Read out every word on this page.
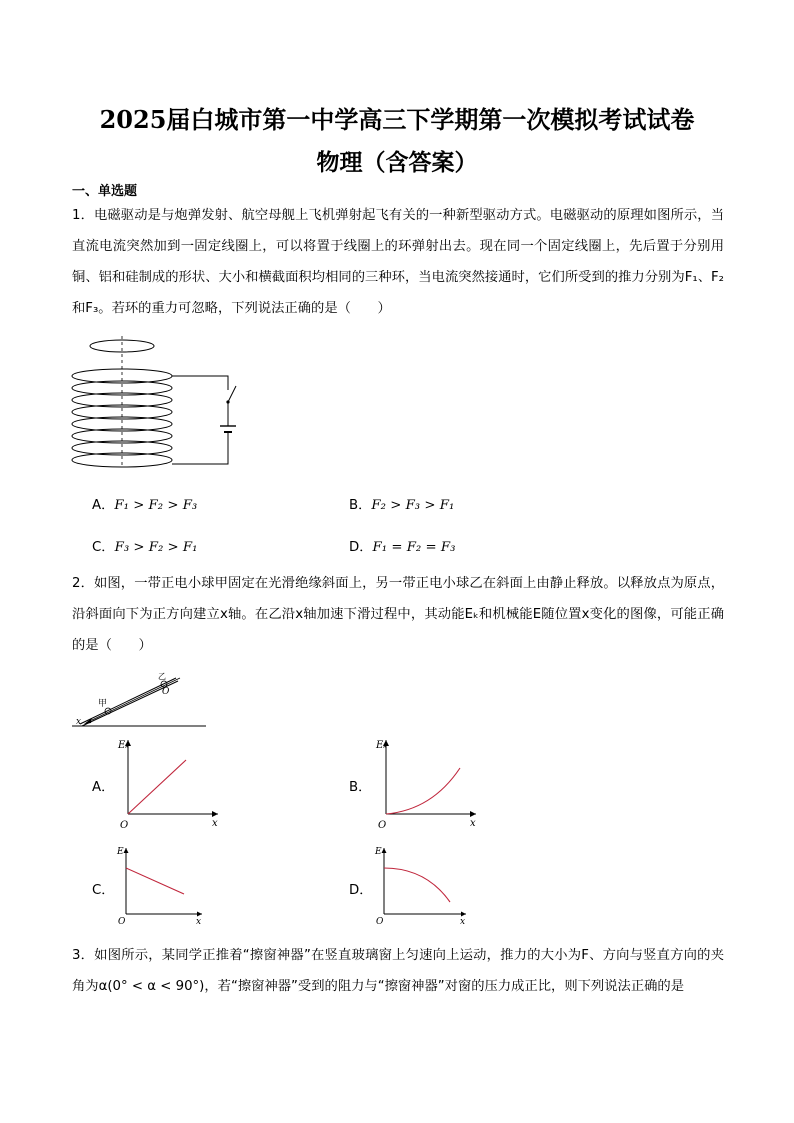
2025届白城市第一中学高三下学期第一次模拟考试试卷
物理（含答案）
一、单选题
1．电磁驱动是与炮弹发射、航空母舰上飞机弹射起飞有关的一种新型驱动方式。电磁驱动的原理如图所示，当直流电流突然加到一固定线圈上，可以将置于线圈上的环弹射出去。现在同一个固定线圈上，先后置于分别用铜、铝和硅制成的形状、大小和横截面积均相同的三种环，当电流突然接通时，它们所受到的推力分别为F₁、F₂和F₃。若环的重力可忽略，下列说法正确的是（　　）
A．F₁ > F₂ > F₃	B．F₂ > F₃ > F₁
C．F₃ > F₂ > F₁	D．F₁ = F₂ = F₃
2．如图，一带正电小球甲固定在光滑绝缘斜面上，另一带正电小球乙在斜面上由静止释放。以释放点为原点，沿斜面向下为正方向建立x轴。在乙沿x轴加速下滑过程中，其动能Eₖ和机械能E随位置x变化的图像，可能正确的是（　　）
甲
乙
O
x
A．
Eₖ
x
O
B．
Eₖ
x
O
C．
E
x
O
D．
E
x
O
3．如图所示，某同学正推着“擦窗神器”在竖直玻璃窗上匀速向上运动，推力的大小为F、方向与竖直方向的夹角为α(0° < α < 90°)，若“擦窗神器”受到的阻力与“擦窗神器”对窗的压力成正比，则下列说法正确的是
